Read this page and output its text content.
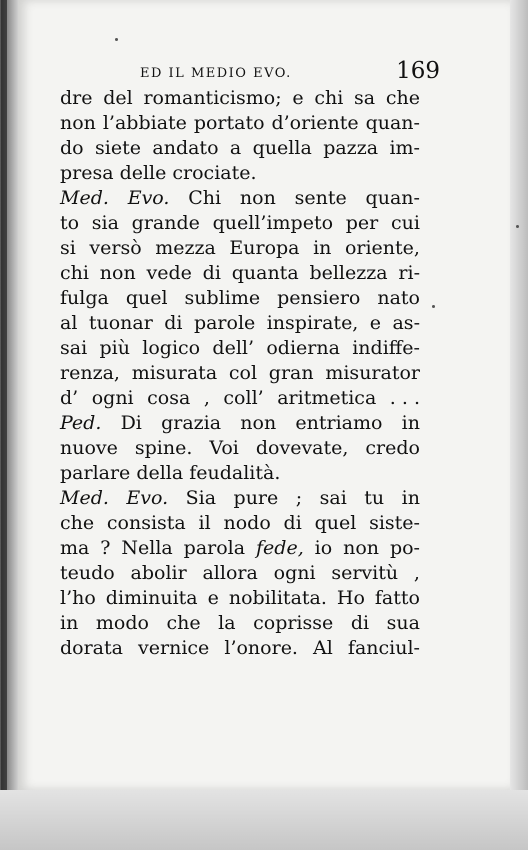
ED IL MEDIO EVO.	169
dre del romanticismo; e chi sa che
non l’abbiate portato d’oriente quan-
do siete andato a quella pazza im-
presa delle crociate.
Med. Evo. Chi non sente quan-
to sia grande quell’impeto per cui
si versò mezza Europa in oriente,
chi non vede di quanta bellezza ri-
fulga quel sublime pensiero nato
al tuonar di parole inspirate, e as-
sai più logico dell’ odierna indiffe-
renza, misurata col gran misurator
d’ ogni cosa , coll’ aritmetica . . .
Ped. Di grazia non entriamo in
nuove spine. Voi dovevate, credo
parlare della feudalità.
Med. Evo. Sia pure ; sai tu in
che consista il nodo di quel siste-
ma ? Nella parola fede, io non po-
teudo abolir allora ogni servitù ,
l’ho diminuita e nobilitata. Ho fatto
in modo che la coprisse di sua
dorata vernice l’onore. Al fanciul-
